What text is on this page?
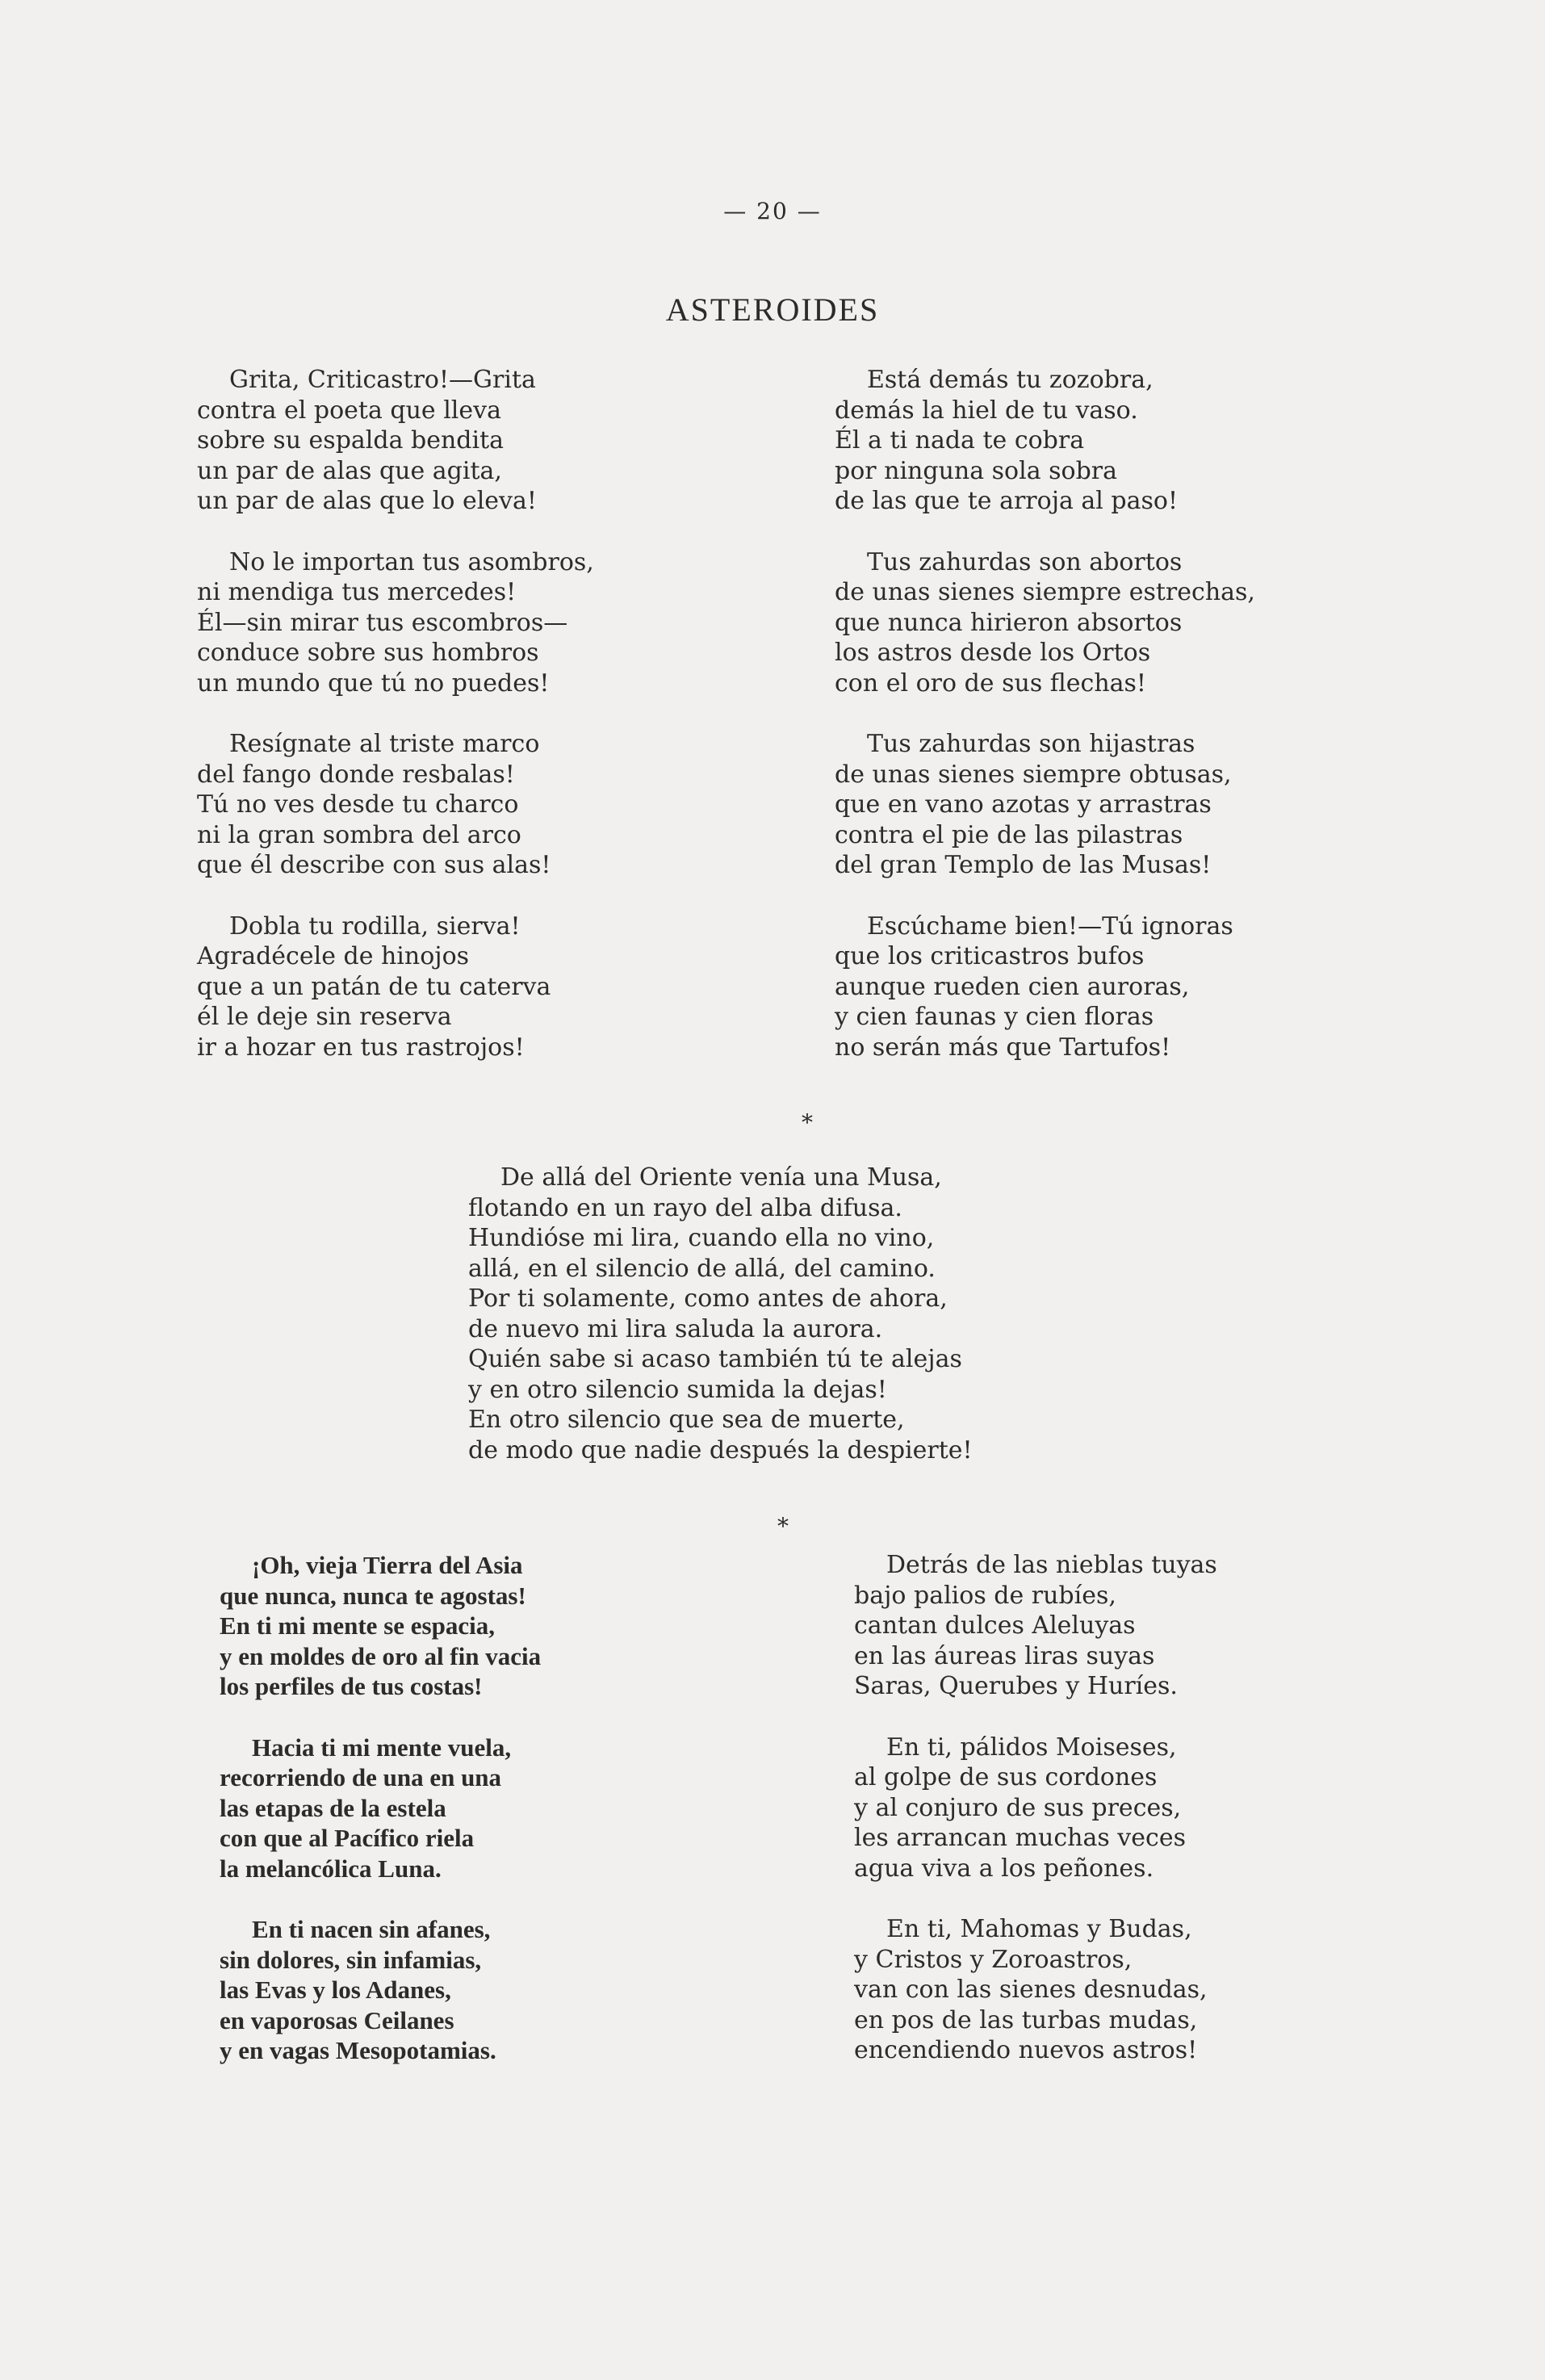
— 20 —
ASTEROIDES
Grita, Criticastro!—Grita
contra el poeta que lleva
sobre su espalda bendita
un par de alas que agita,
un par de alas que lo eleva!
No le importan tus asombros,
ni mendiga tus mercedes!
Él—sin mirar tus escombros—
conduce sobre sus hombros
un mundo que tú no puedes!
Resígnate al triste marco
del fango donde resbalas!
Tú no ves desde tu charco
ni la gran sombra del arco
que él describe con sus alas!
Dobla tu rodilla, sierva!
Agradécele de hinojos
que a un patán de tu caterva
él le deje sin reserva
ir a hozar en tus rastrojos!
Está demás tu zozobra,
demás la hiel de tu vaso.
Él a ti nada te cobra
por ninguna sola sobra
de las que te arroja al paso!
Tus zahurdas son abortos
de unas sienes siempre estrechas,
que nunca hirieron absortos
los astros desde los Ortos
con el oro de sus flechas!
Tus zahurdas son hijastras
de unas sienes siempre obtusas,
que en vano azotas y arrastras
contra el pie de las pilastras
del gran Templo de las Musas!
Escúchame bien!—Tú ignoras
que los criticastros bufos
aunque rueden cien auroras,
y cien faunas y cien floras
no serán más que Tartufos!
*
De allá del Oriente venía una Musa,
flotando en un rayo del alba difusa.
Hundióse mi lira, cuando ella no vino,
allá, en el silencio de allá, del camino.
Por ti solamente, como antes de ahora,
de nuevo mi lira saluda la aurora.
Quién sabe si acaso también tú te alejas
y en otro silencio sumida la dejas!
En otro silencio que sea de muerte,
de modo que nadie después la despierte!
*
¡Oh, vieja Tierra del Asia
que nunca, nunca te agostas!
En ti mi mente se espacia,
y en moldes de oro al fin vacia
los perfiles de tus costas!
Hacia ti mi mente vuela,
recorriendo de una en una
las etapas de la estela
con que al Pacífico riela
la melancólica Luna.
En ti nacen sin afanes,
sin dolores, sin infamias,
las Evas y los Adanes,
en vaporosas Ceilanes
y en vagas Mesopotamias.
Detrás de las nieblas tuyas
bajo palios de rubíes,
cantan dulces Aleluyas
en las áureas liras suyas
Saras, Querubes y Huríes.
En ti, pálidos Moiseses,
al golpe de sus cordones
y al conjuro de sus preces,
les arrancan muchas veces
agua viva a los peñones.
En ti, Mahomas y Budas,
y Cristos y Zoroastros,
van con las sienes desnudas,
en pos de las turbas mudas,
encendiendo nuevos astros!
